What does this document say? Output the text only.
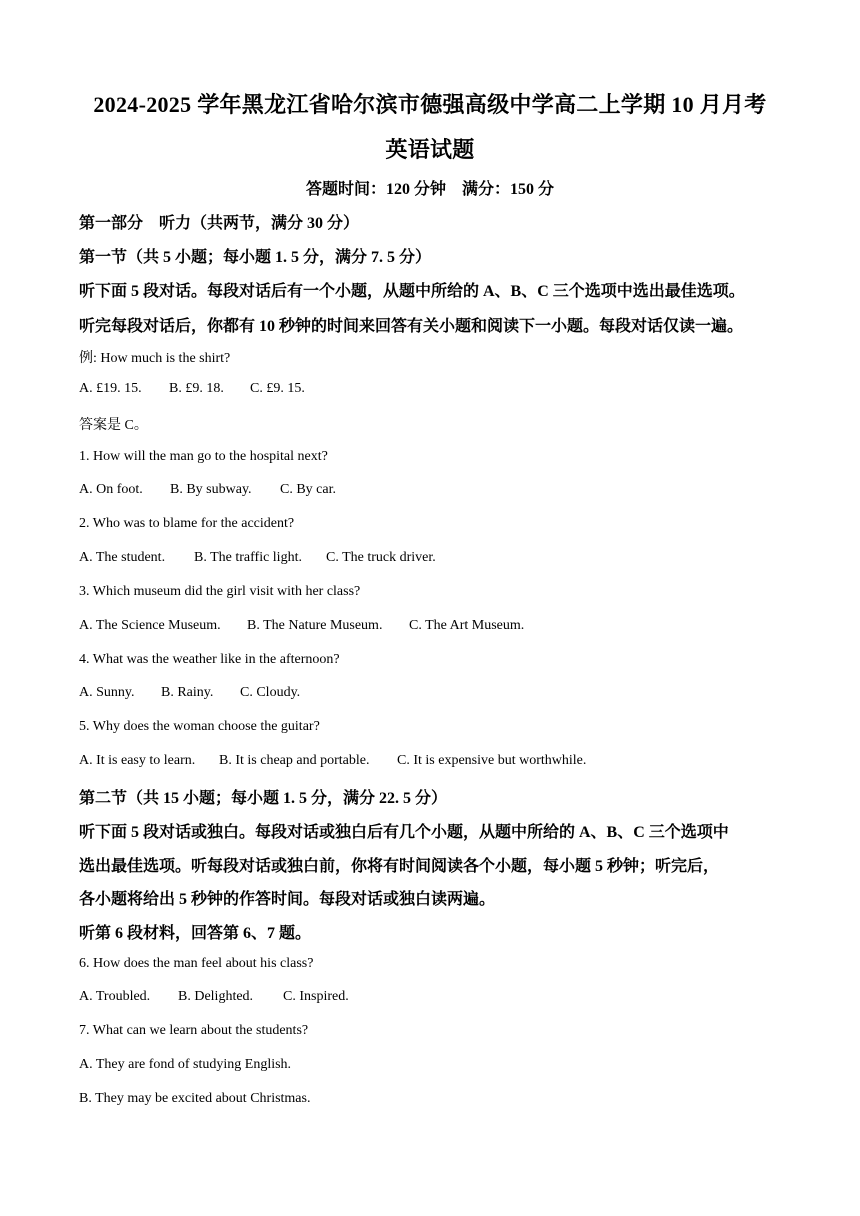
2024-2025 学年黑龙江省哈尔滨市德强高级中学高二上学期 10 月月考
英语试题
答题时间：120 分钟　满分：150 分
第一部分　听力（共两节，满分 30 分）
第一节（共 5 小题；每小题 1. 5 分，满分 7. 5 分）
听下面 5 段对话。每段对话后有一个小题，从题中所给的 A、B、C 三个选项中选出最佳选项。
听完每段对话后，你都有 10 秒钟的时间来回答有关小题和阅读下一小题。每段对话仅读一遍。
例: How much is the shirt?
A. £19. 15. B. £9. 18. C. £9. 15.
答案是 C。
1. How will the man go to the hospital next?
A. On foot. B. By subway. C. By car.
2. Who was to blame for the accident?
A. The student. B. The traffic light. C. The truck driver.
3. Which museum did the girl visit with her class?
A. The Science Museum. B. The Nature Museum. C. The Art Museum.
4. What was the weather like in the afternoon?
A. Sunny. B. Rainy. C. Cloudy.
5. Why does the woman choose the guitar?
A. It is easy to learn. B. It is cheap and portable. C. It is expensive but worthwhile.
第二节（共 15 小题；每小题 1. 5 分，满分 22. 5 分）
听下面 5 段对话或独白。每段对话或独白后有几个小题，从题中所给的 A、B、C 三个选项中
选出最佳选项。听每段对话或独白前，你将有时间阅读各个小题，每小题 5 秒钟；听完后，
各小题将给出 5 秒钟的作答时间。每段对话或独白读两遍。
听第 6 段材料，回答第 6、7 题。
6. How does the man feel about his class?
A. Troubled. B. Delighted. C. Inspired.
7. What can we learn about the students?
A. They are fond of studying English.
B. They may be excited about Christmas.
